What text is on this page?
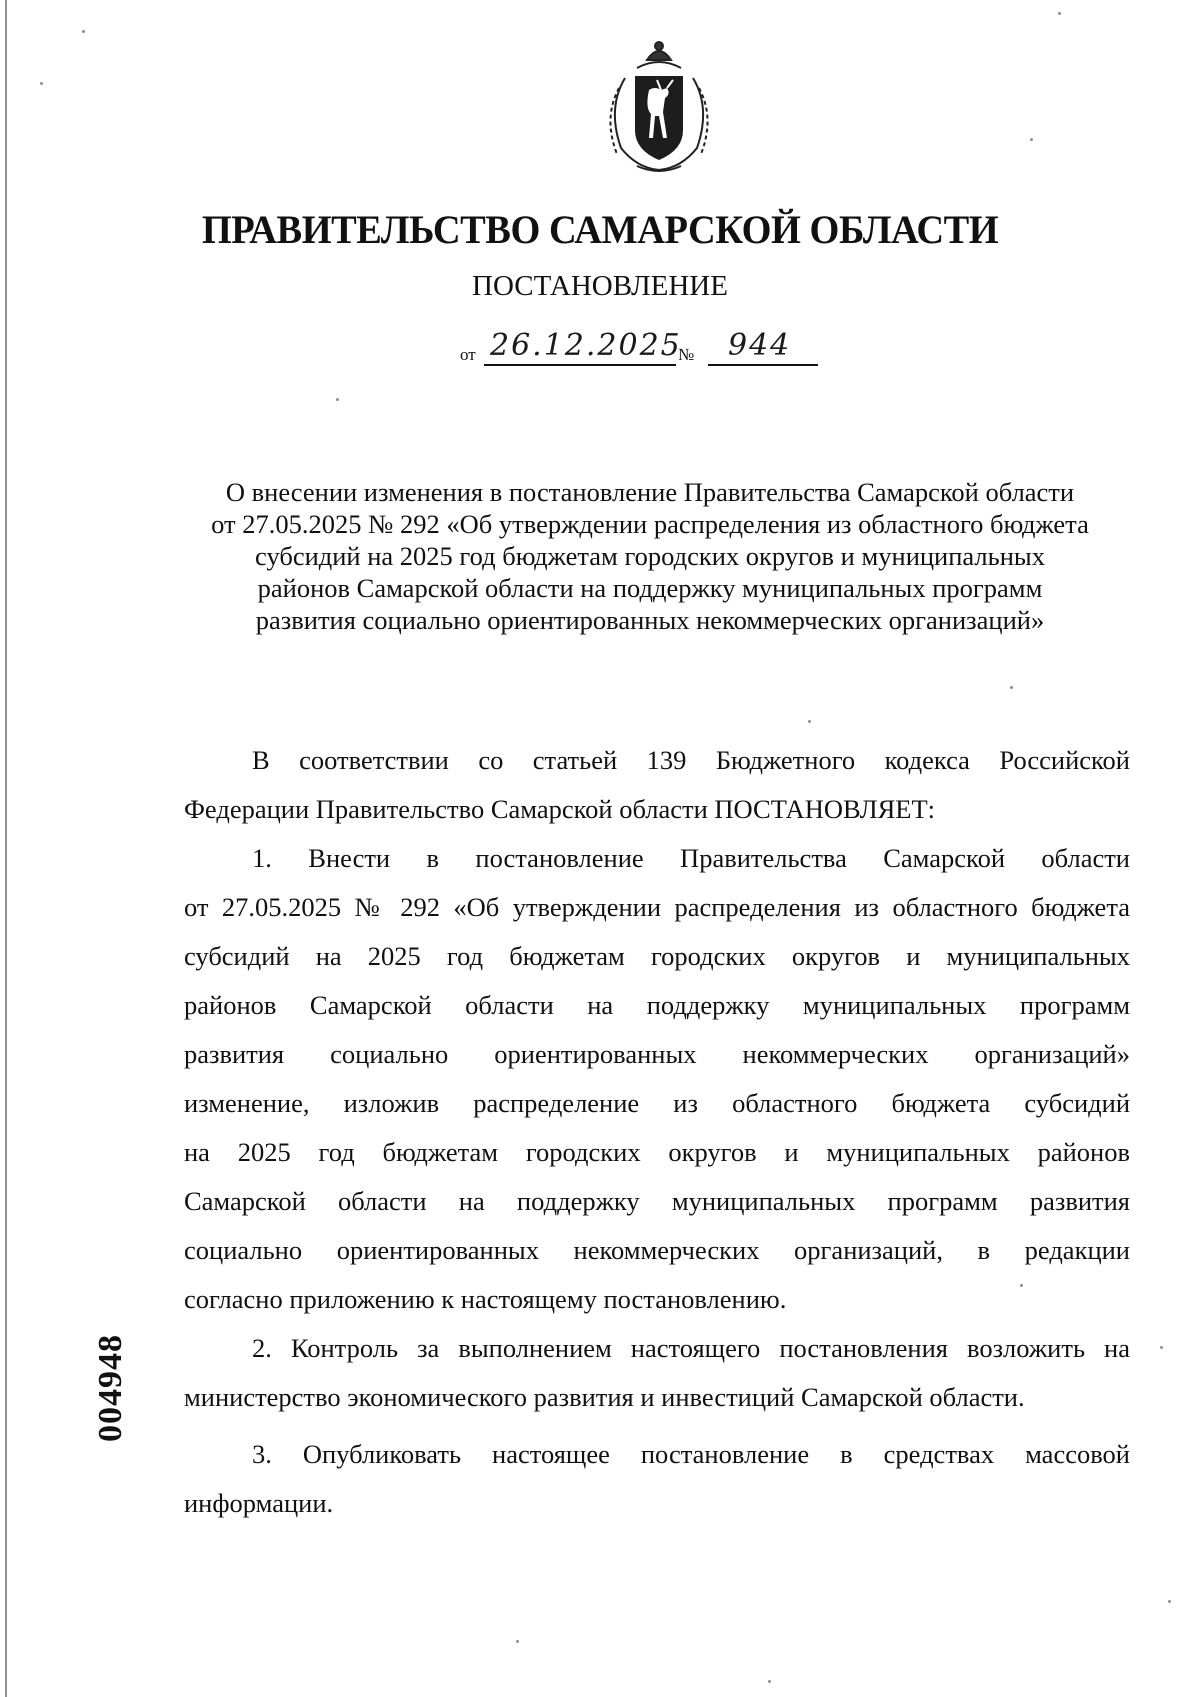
ПРАВИТЕЛЬСТВО САМАРСКОЙ ОБЛАСТИ
ПОСТАНОВЛЕНИЕ
от 26.12.2025
№ 944
О внесении изменения в постановление Правительства Самарской области
от 27.05.2025 № 292 «Об утверждении распределения из областного бюджета
субсидий на 2025 год бюджетам городских округов и муниципальных
районов Самарской области на поддержку муниципальных программ
развития социально ориентированных некоммерческих организаций»

В соответствии со статьей 139 Бюджетного кодекса Российской
Федерации Правительство Самарской области ПОСТАНОВЛЯЕТ:

1. Внести в постановление Правительства Самарской области
от 27.05.2025 № 292 «Об утверждении распределения из областного бюджета
субсидий на 2025 год бюджетам городских округов и муниципальных
районов Самарской области на поддержку муниципальных программ
развития социально ориентированных некоммерческих организаций»
изменение, изложив распределение из областного бюджета субсидий
на 2025 год бюджетам городских округов и муниципальных районов
Самарской области на поддержку муниципальных программ развития
социально ориентированных некоммерческих организаций, в редакции
согласно приложению к настоящему постановлению.

2. Контроль за выполнением настоящего постановления возложить на
министерство экономического развития и инвестиций Самарской области.

3. Опубликовать настоящее постановление в средствах массовой
информации.

004948
